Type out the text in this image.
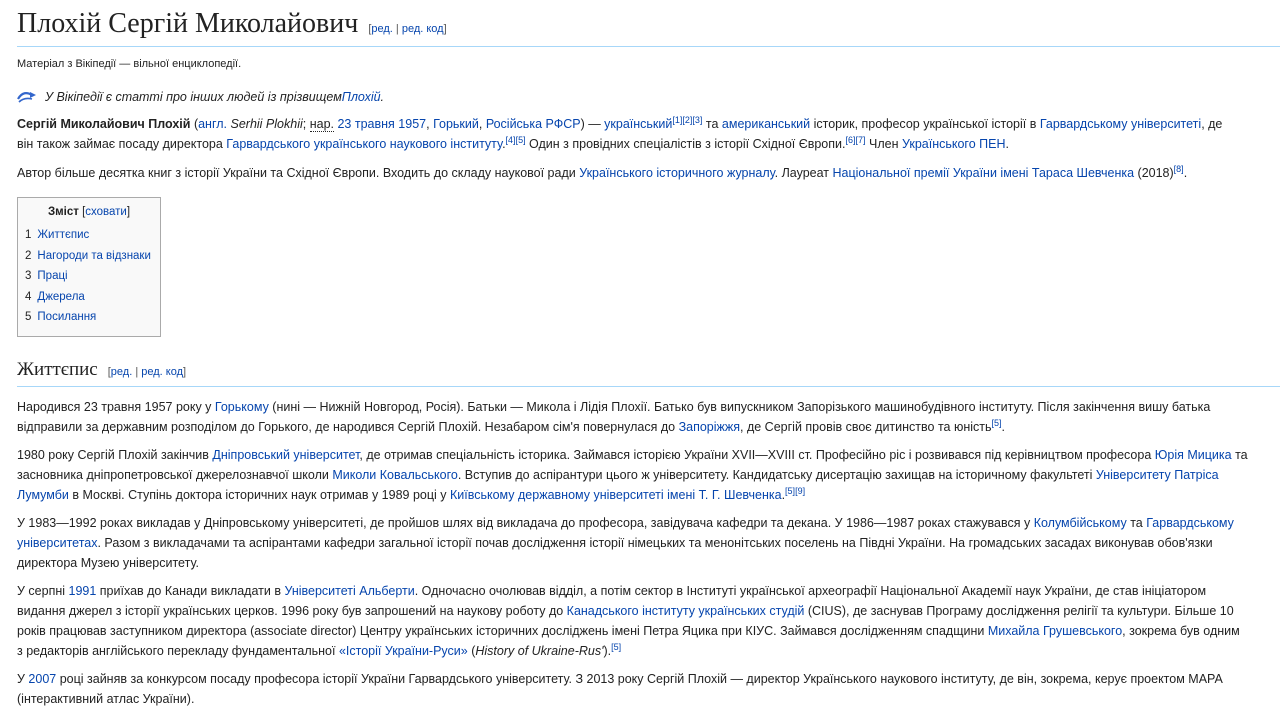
Плохій Сергій Миколайович [ред. | ред. код]
Матеріал з Вікіпедії — вільної енциклопедії.
У Вікіпедії є статті про інших людей із прізвищем Плохій .

Сергій Миколайович Плохій (англ. Serhii Plokhii; нар. 23 травня 1957, Горький, Російська РФСР) — український[1][2][3] та американський історик, професор української історії в Гарвардському університеті, де
він також займає посаду директора Гарвардського українського наукового інституту.[4][5] Один з провідних спеціалістів з історії Східної Європи.[6][7] Член Українського ПЕН.

Автор більше десятка книг з історії України та Східної Європи. Входить до складу наукової ради Українського історичного журналу. Лауреат Національної премії України імені Тараса Шевченка (2018)[8].

Зміст [сховати]
1 Життєпис
2 Нагороди та відзнаки
3 Праці
4 Джерела
5 Посилання
Життєпис [ред. | ред. код]

Народився 23 травня 1957 року у Горькому (нині — Нижній Новгород, Росія). Батьки — Микола і Лідія Плохії. Батько був випускником Запорізького машинобудівного інституту. Після закінчення вишу батька
відправили за державним розподілом до Горького, де народився Сергій Плохій. Незабаром сім'я повернулася до Запоріжжя, де Сергій провів своє дитинство та юність[5].

1980 року Сергій Плохій закінчив Дніпровський університет, де отримав спеціальність історика. Займався історією України XVII—XVIII ст. Професійно ріс і розвивався під керівництвом професора Юрія Мицика та
засновника дніпропетровської джерелознавчої школи Миколи Ковальського. Вступив до аспірантури цього ж університету. Кандидатську дисертацію захищав на історичному факультеті Університету Патріса
Лумумби в Москві. Ступінь доктора історичних наук отримав у 1989 році у Київському державному університеті імені Т. Г. Шевченка.[5][9]

У 1983—1992 роках викладав у Дніпровському університеті, де пройшов шлях від викладача до професора, завідувача кафедри та декана. У 1986—1987 роках стажувався у Колумбійському та Гарвардському
університетах. Разом з викладачами та аспірантами кафедри загальної історії почав дослідження історії німецьких та менонітських поселень на Півдні України. На громадських засадах виконував обов'язки
директора Музею університету.

У серпні 1991 приїхав до Канади викладати в Університеті Альберти. Одночасно очолював відділ, а потім сектор в Інституті української археографії Національної Академії наук України, де став ініціатором
видання джерел з історії українських церков. 1996 року був запрошений на наукову роботу до Канадського інституту українських студій (CIUS), де заснував Програму дослідження релігії та культури. Більше 10
років працював заступником директора (associate director) Центру українських історичних досліджень імені Петра Яцика при КІУС. Займався дослідженням спадщини Михайла Грушевського, зокрема був одним
з редакторів англійського перекладу фундаментальної «Історії України-Руси» (History of Ukraine-Rus').[5]

У 2007 році зайняв за конкурсом посаду професора історії України Гарвардського університету. З 2013 року Сергій Плохій — директор Українського наукового інституту, де він, зокрема, керує проектом MAPA
(інтерактивний атлас України).
